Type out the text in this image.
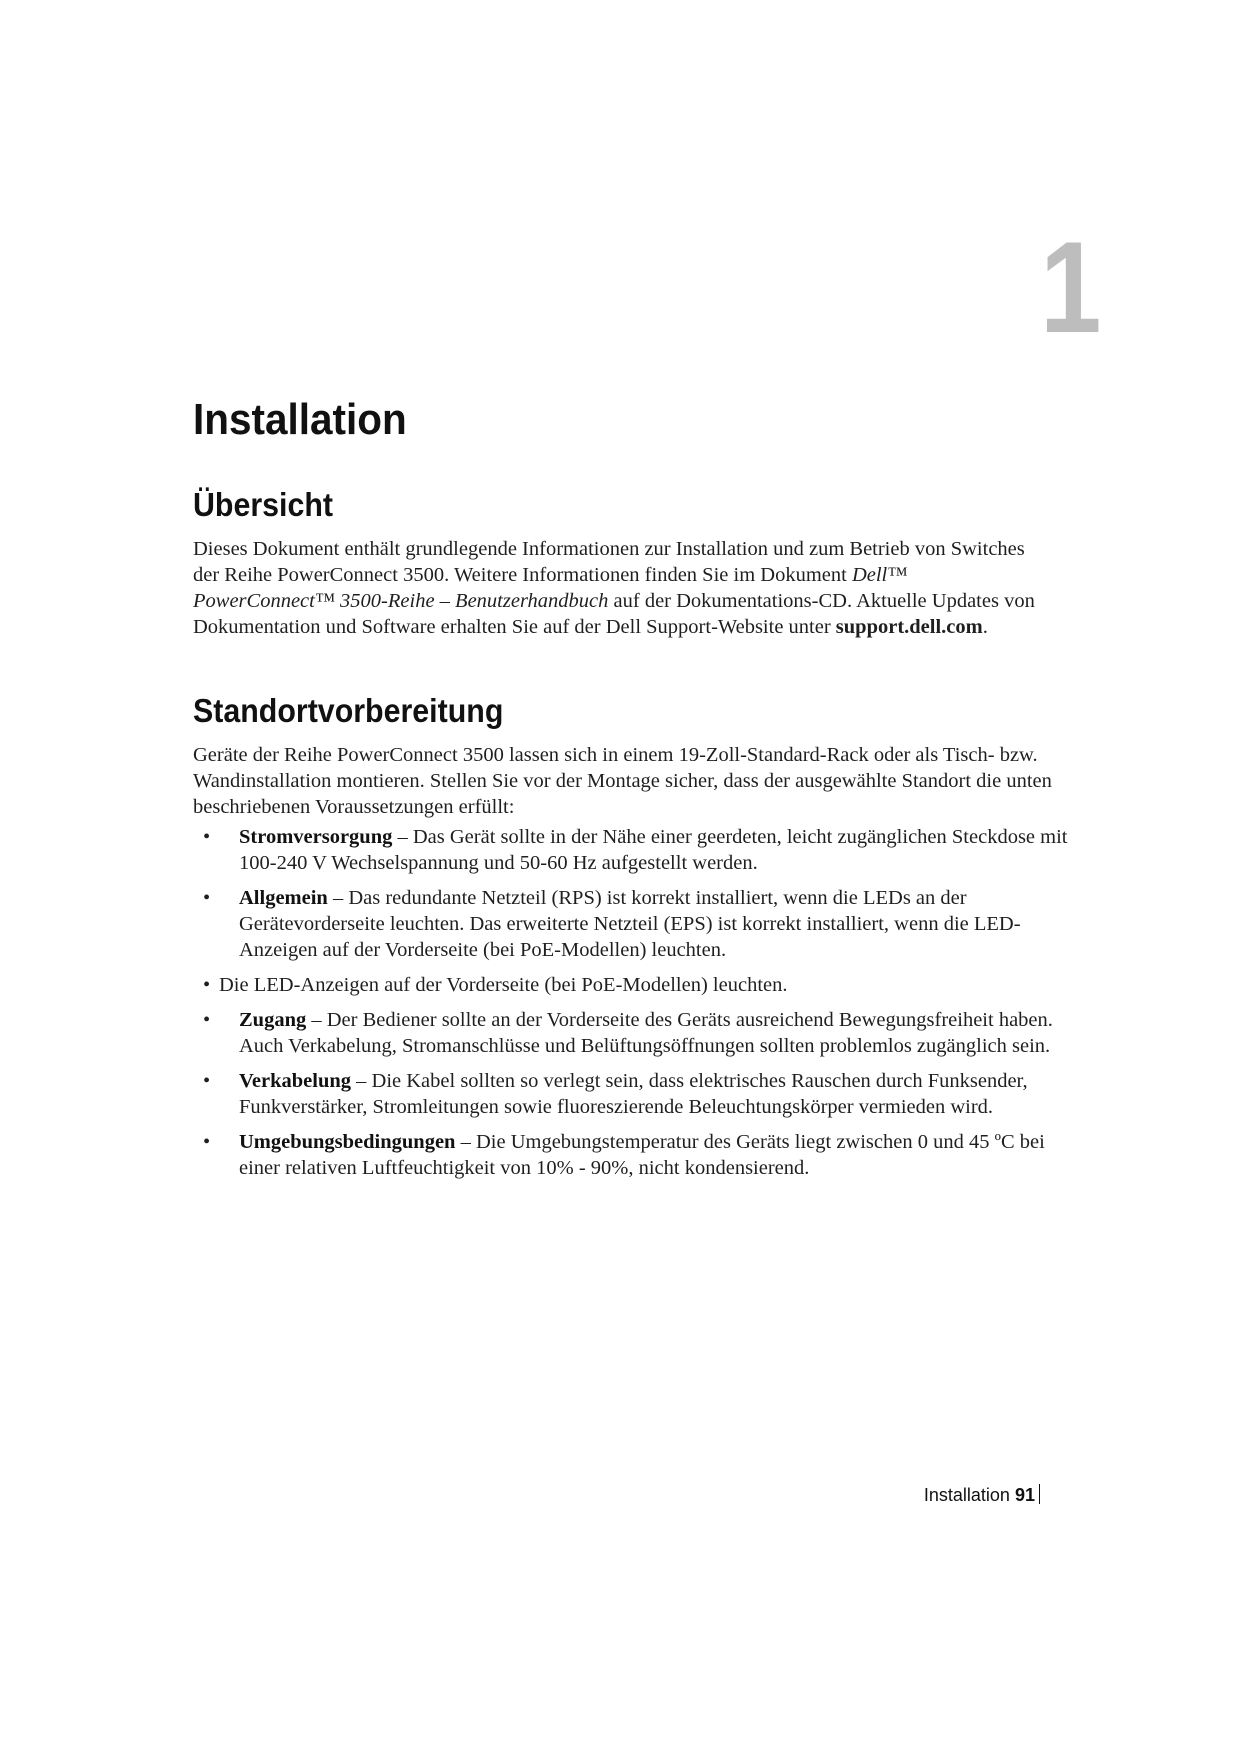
1
Installation
Übersicht

Dieses Dokument enthält grundlegende Informationen zur Installation und zum Betrieb von Switches der Reihe PowerConnect 3500. Weitere Informationen finden Sie im Dokument Dell™ PowerConnect™ 3500-Reihe – Benutzerhandbuch auf der Dokumentations-CD. Aktuelle Updates von Dokumentation und Software erhalten Sie auf der Dell Support-Website unter support.dell.com.

Standortvorbereitung

Geräte der Reihe PowerConnect 3500 lassen sich in einem 19-Zoll-Standard-Rack oder als Tisch- bzw. Wandinstallation montieren. Stellen Sie vor der Montage sicher, dass der ausgewählte Standort die unten beschriebenen Voraussetzungen erfüllt:

• Stromversorgung – Das Gerät sollte in der Nähe einer geerdeten, leicht zugänglichen Steckdose mit 100-240 V Wechselspannung und 50-60 Hz aufgestellt werden.
• Allgemein – Das redundante Netzteil (RPS) ist korrekt installiert, wenn die LEDs an der Gerätevorderseite leuchten. Das erweiterte Netzteil (EPS) ist korrekt installiert, wenn die LED-Anzeigen auf der Vorderseite (bei PoE-Modellen) leuchten.
• Die LED-Anzeigen auf der Vorderseite (bei PoE-Modellen) leuchten.
• Zugang – Der Bediener sollte an der Vorderseite des Geräts ausreichend Bewegungsfreiheit haben. Auch Verkabelung, Stromanschlüsse und Belüftungsöffnungen sollten problemlos zugänglich sein.
• Verkabelung – Die Kabel sollten so verlegt sein, dass elektrisches Rauschen durch Funksender, Funkverstärker, Stromleitungen sowie fluoreszierende Beleuchtungskörper vermieden wird.
• Umgebungsbedingungen – Die Umgebungstemperatur des Geräts liegt zwischen 0 und 45 ºC bei einer relativen Luftfeuchtigkeit von 10% - 90%, nicht kondensierend.
Installation 91
